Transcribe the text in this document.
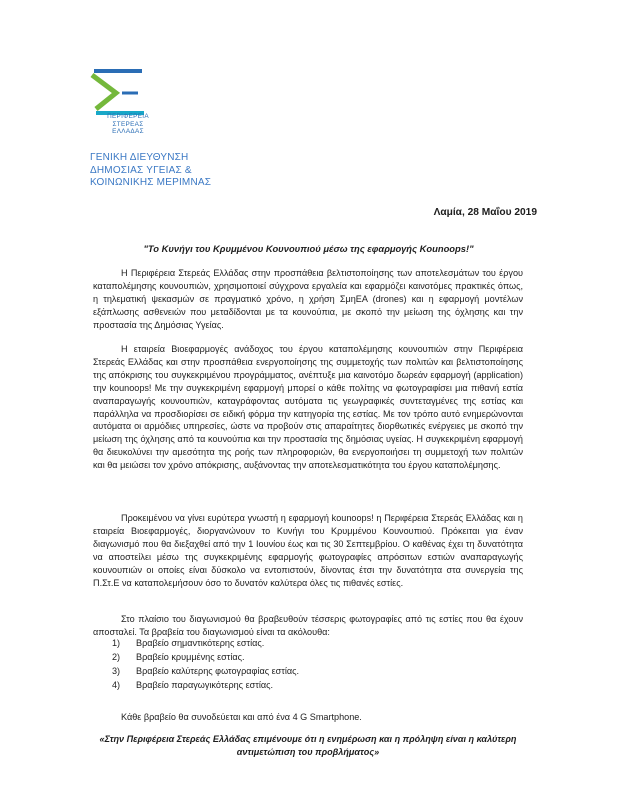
ΠΕΡΙΦΕΡΕΙΑ
ΣΤΕΡΕΑΣ
ΕΛΛΑΔΑΣ
ΓΕΝΙΚΗ ΔΙΕΥΘΥΝΣΗ
ΔΗΜΟΣΙΑΣ ΥΓΕΙΑΣ &
ΚΟΙΝΩΝΙΚΗΣ ΜΕΡΙΜΝΑΣ
Λαμία, 28 Μαΐου 2019
"Το Κυνήγι του Κρυμμένου Κουνουπιού μέσω της εφαρμογής Kounoops!"

Η Περιφέρεια Στερεάς Ελλάδας στην προσπάθεια βελτιστοποίησης των αποτελεσμάτων του έργου καταπολέμησης κουνουπιών, χρησιμοποιεί σύγχρονα εργαλεία και εφαρμόζει καινοτόμες πρακτικές όπως, η τηλεματική ψεκασμών σε πραγματικό χρόνο, η χρήση ΣμηΕΑ (drones) και η εφαρμογή μοντέλων εξάπλωσης ασθενειών που μεταδίδονται με τα κουνούπια, με σκοπό την μείωση της όχλησης και την προστασία της Δημόσιας Υγείας.

Η εταιρεία Βιοεφαρμογές ανάδοχος του έργου καταπολέμησης κουνουπιών στην Περιφέρεια Στερεάς Ελλάδας και στην προσπάθεια ενεργοποίησης της συμμετοχής των πολιτών και βελτιστοποίησης της απόκρισης του συγκεκριμένου προγράμματος, ανέπτυξε μια καινοτόμο δωρεάν εφαρμογή (application) την kounoops! Με την συγκεκριμένη εφαρμογή μπορεί ο κάθε πολίτης να φωτογραφίσει μια πιθανή εστία αναπαραγωγής κουνουπιών, καταγράφοντας αυτόματα τις γεωγραφικές συντεταγμένες της εστίας και παράλληλα να προσδιορίσει σε ειδική φόρμα την κατηγορία της εστίας. Με τον τρόπο αυτό ενημερώνονται αυτόματα οι αρμόδιες υπηρεσίες, ώστε να προβούν στις απαραίτητες διορθωτικές ενέργειες με σκοπό την μείωση της όχλησης από τα κουνούπια και την προστασία της δημόσιας υγείας. Η συγκεκριμένη εφαρμογή θα διευκολύνει την αμεσότητα της ροής των πληροφοριών, θα ενεργοποιήσει τη συμμετοχή των πολιτών και θα μειώσει τον χρόνο απόκρισης, αυξάνοντας την αποτελεσματικότητα του έργου καταπολέμησης.

Προκειμένου να γίνει ευρύτερα γνωστή η εφαρμογή kounoops! η Περιφέρεια Στερεάς Ελλάδας και η εταιρεία Βιοεφαρμογές, διοργανώνουν το Κυνήγι του Κρυμμένου Κουνουπιού. Πρόκειται για έναν διαγωνισμό που θα διεξαχθεί από την 1 Ιουνίου έως και τις 30 Σεπτεμβρίου. Ο καθένας έχει τη δυνατότητα να αποστείλει μέσω της συγκεκριμένης εφαρμογής φωτογραφίες απρόσιτων εστιών αναπαραγωγής κουνουπιών οι οποίες είναι δύσκολο να εντοπιστούν, δίνοντας έτσι την δυνατότητα στα συνεργεία της Π.Στ.Ε να καταπολεμήσουν όσο το δυνατόν καλύτερα όλες τις πιθανές εστίες.

Στο πλαίσιο του διαγωνισμού θα βραβευθούν τέσσερις φωτογραφίες από τις εστίες που θα έχουν αποσταλεί. Τα βραβεία του διαγωνισμού είναι τα ακόλουθα:

1)	Βραβείο σημαντικότερης εστίας.
2)	Βραβείο κρυμμένης εστίας.
3)	Βραβείο καλύτερης φωτογραφίας εστίας.
4)	Βραβείο παραγωγικότερης εστίας.
Κάθε βραβείο θα συνοδεύεται και από ένα 4 G Smartphone.
«Στην Περιφέρεια Στερεάς Ελλάδας επιμένουμε ότι η ενημέρωση και η πρόληψη είναι η καλύτερη αντιμετώπιση του προβλήματος»
